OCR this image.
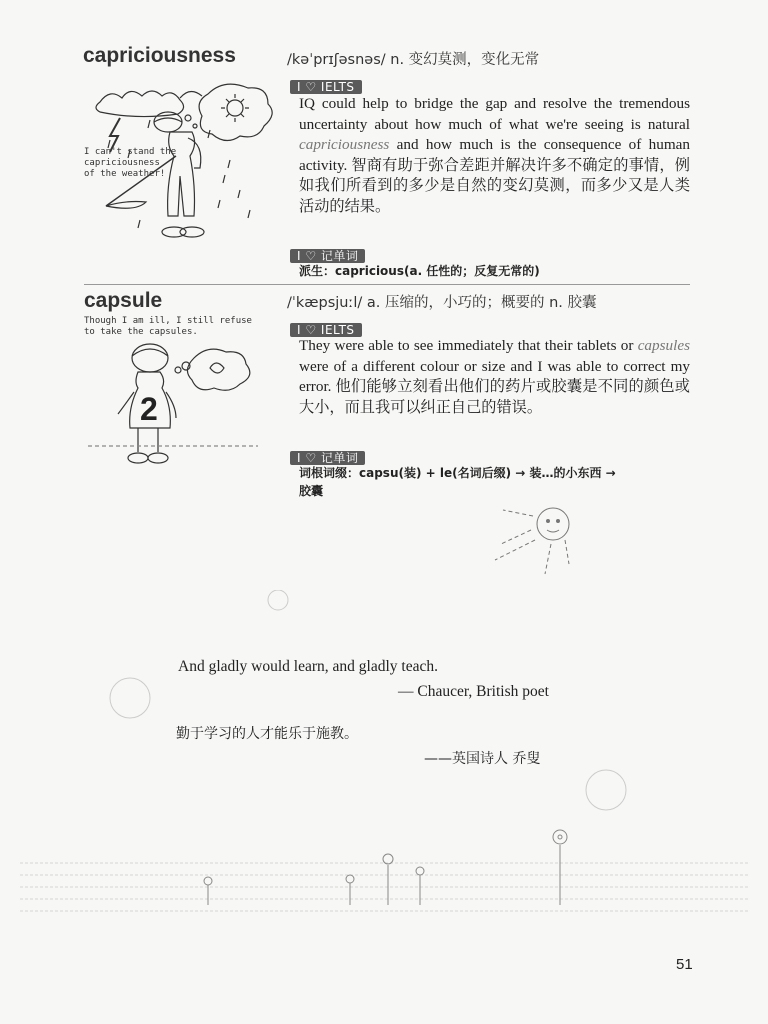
capriciousness	/kəˈprɪʃəsnəs/ n. 变幻莫测，变化无常
I ♡ IELTS
IQ could help to bridge the gap and resolve the tremendous uncertainty about how much of what we're seeing is natural capriciousness and how much is the consequence of human activity. 智商有助于弥合差距并解决许多不确定的事情，例如我们所看到的多少是自然的变幻莫测，而多少又是人类活动的结果。
I ♡ 记单词
派生：capricious(a. 任性的；反复无常的)
I can't stand the
capriciousness
of the weather!
capsule	/ˈkæpsjuːl/ a. 压缩的，小巧的；概要的 n. 胶囊
Though I am ill, I still refuse
to take the capsules.	I ♡ IELTS
They were able to see immediately that their tablets or capsules were of a different colour or size and I was able to correct my error. 他们能够立刻看出他们的药片或胶囊是不同的颜色或大小，而且我可以纠正自己的错误。
I ♡ 记单词
词根词缀：capsu(装) + le(名词后缀) → 装…的小东西 →
胶囊
2
And gladly would learn, and gladly teach.
— Chaucer, British poet
勤于学习的人才能乐于施教。
——英国诗人 乔叟
51
